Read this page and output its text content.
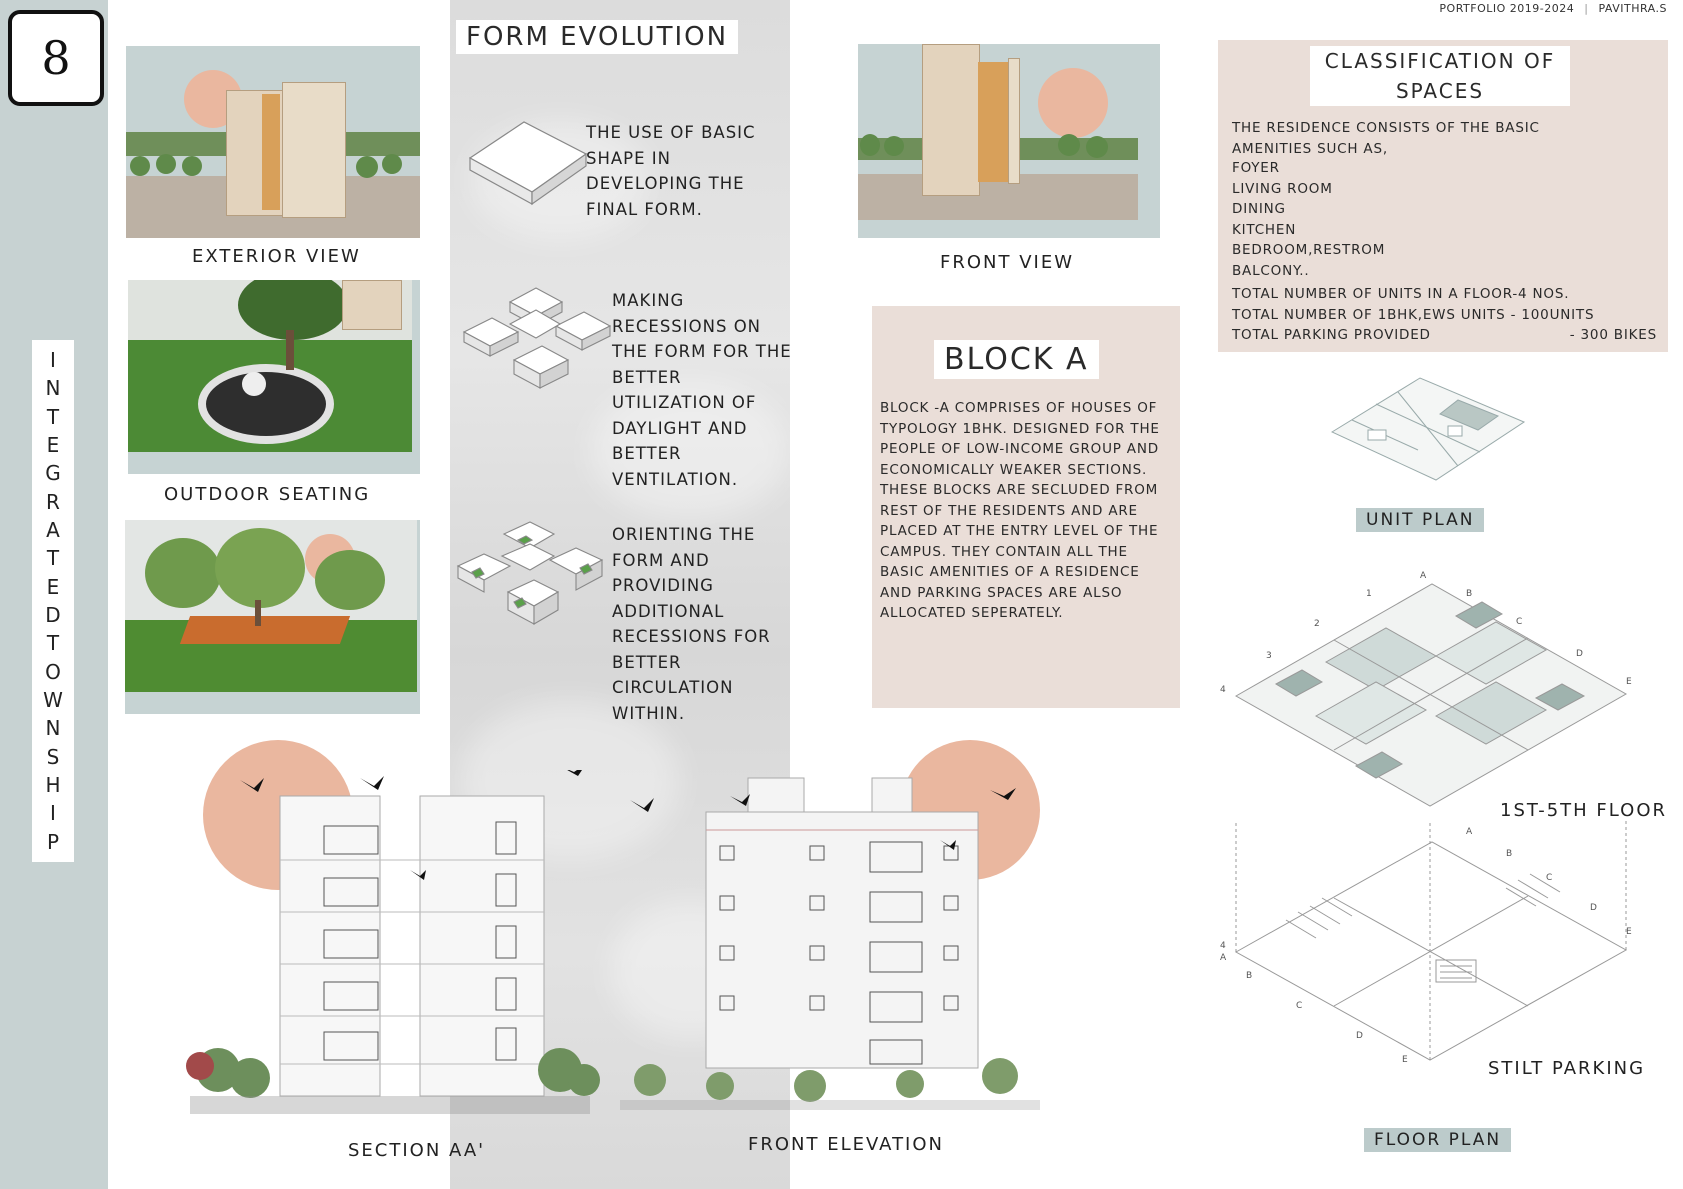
8
I
N
T
E
G
R
A
T
E
D
T
O
W
N
S
H
I
P
PORTFOLIO 2019-2024 | PAVITHRA.S
FORM EVOLUTION
THE USE OF BASIC SHAPE IN DEVELOPING THE FINAL FORM.
MAKING RECESSIONS ON THE FORM FOR THE BETTER UTILIZATION OF DAYLIGHT AND BETTER VENTILATION.
ORIENTING THE FORM AND PROVIDING ADDITIONAL RECESSIONS FOR BETTER CIRCULATION WITHIN.
EXTERIOR VIEW
OUTDOOR SEATING
FRONT VIEW
BLOCK A
BLOCK -A COMPRISES OF HOUSES OF TYPOLOGY 1BHK. DESIGNED FOR THE PEOPLE OF LOW-INCOME GROUP AND ECONOMICALLY WEAKER SECTIONS. THESE BLOCKS ARE SECLUDED FROM REST OF THE RESIDENTS AND ARE PLACED AT THE ENTRY LEVEL OF THE CAMPUS. THEY CONTAIN ALL THE BASIC AMENITIES OF A RESIDENCE AND PARKING SPACES ARE ALSO ALLOCATED SEPERATELY.
CLASSIFICATION OF
SPACES
THE RESIDENCE CONSISTS OF THE BASIC AMENITIES SUCH AS,
FOYER
LIVING ROOM
DINING
KITCHEN
BEDROOM,RESTROM
BALCONY..
TOTAL NUMBER OF UNITS IN A FLOOR-4 NOS.
TOTAL NUMBER OF 1BHK,EWS UNITS - 100UNITS
TOTAL PARKING PROVIDED	- 300 BIKES
UNIT PLAN
A
B
C
D
E
4
3
2
1
1ST-5TH FLOOR
4
A
B
C
D
E
A
B
C
D
E
STILT PARKING
FLOOR PLAN
SECTION AA'	FRONT ELEVATION
